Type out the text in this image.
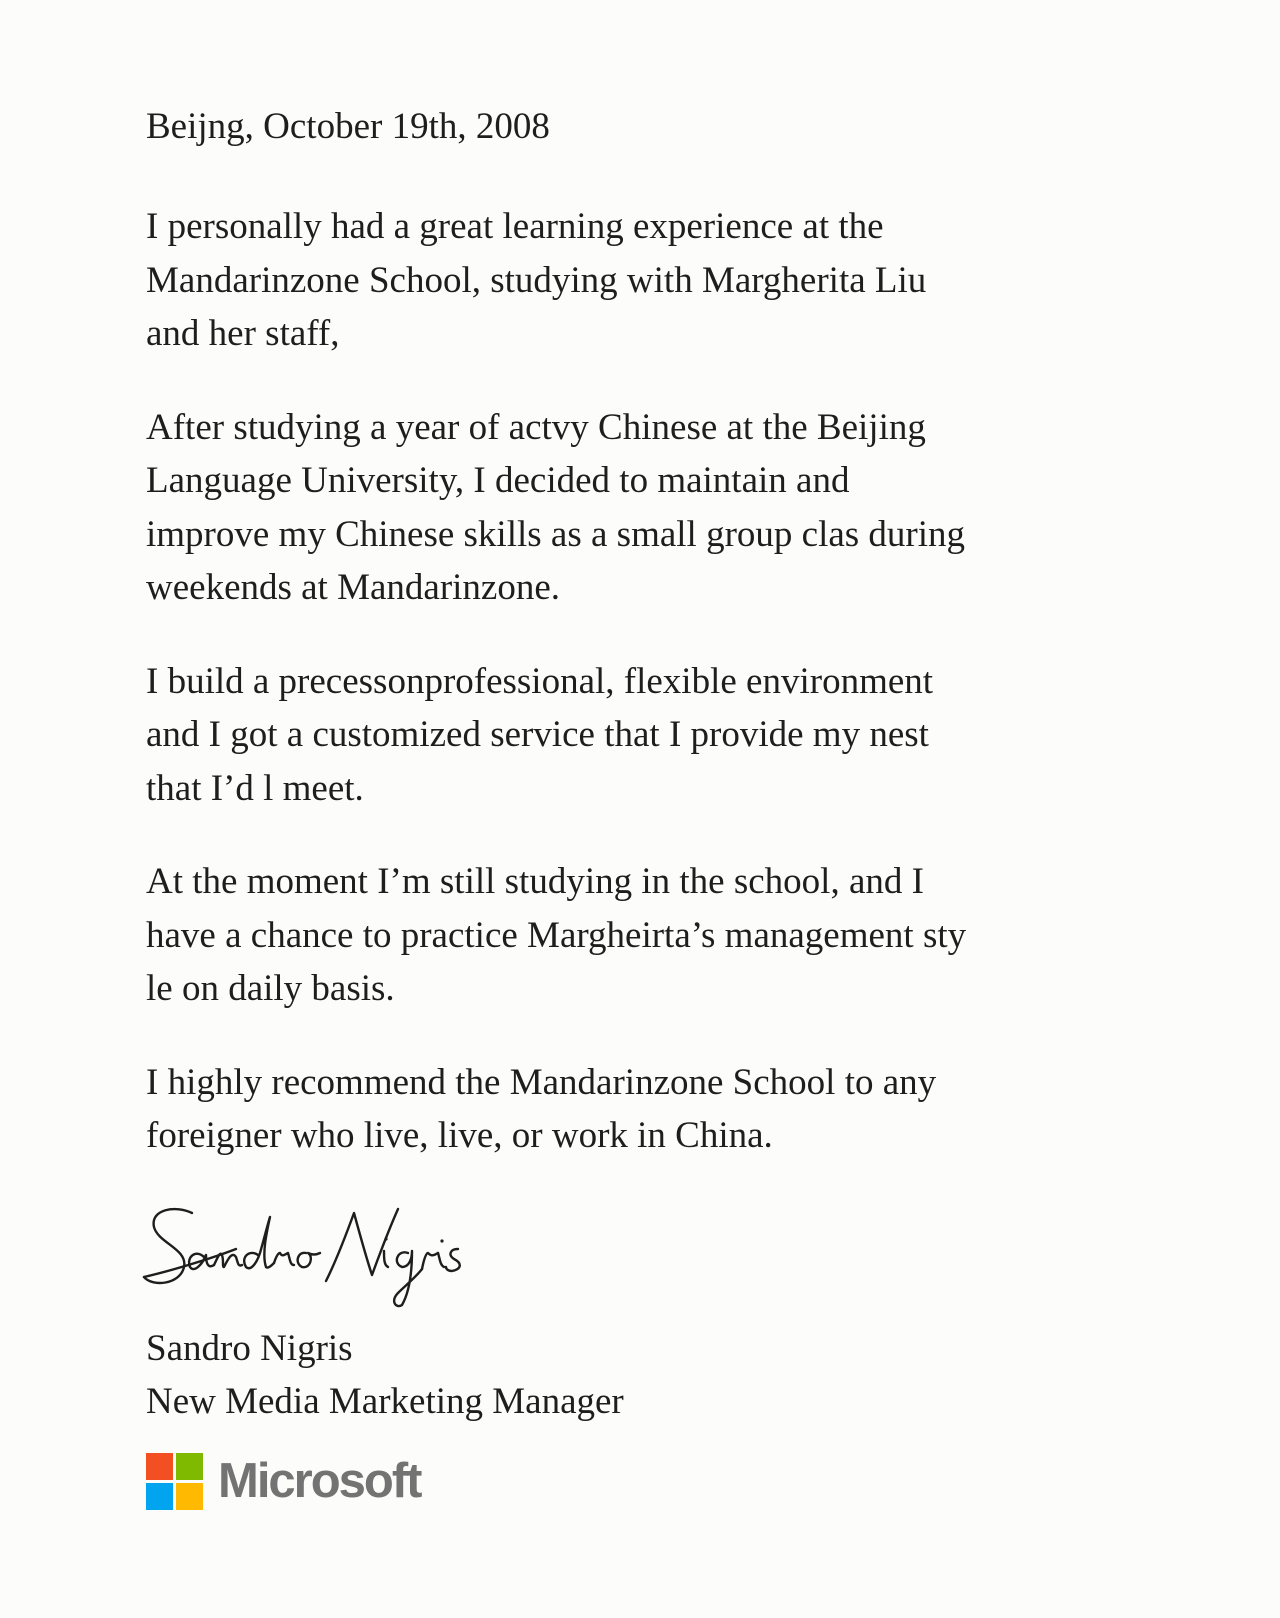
Beijng, October 19th, 2008

I personally had a great learning experience at the
Mandarinzone School, studying with Margherita Liu
and her staff,

After studying a year of actvy Chinese at the Beijing
Language University, I decided to maintain and
improve my Chinese skills as a small group clas during
weekends at Mandarinzone.

I build a precessonprofessional, flexible environment
and I got a customized service that I provide my nest
that I’d l meet.

At the moment I’m still studying in the school, and I
have a chance to practice Margheirta’s management sty
le on daily basis.

I highly recommend the Mandarinzone School to any
foreigner who live, live, or work in China.

Sandro Nigris
Sandro Nigris
New Media Marketing Manager
Microsoft
